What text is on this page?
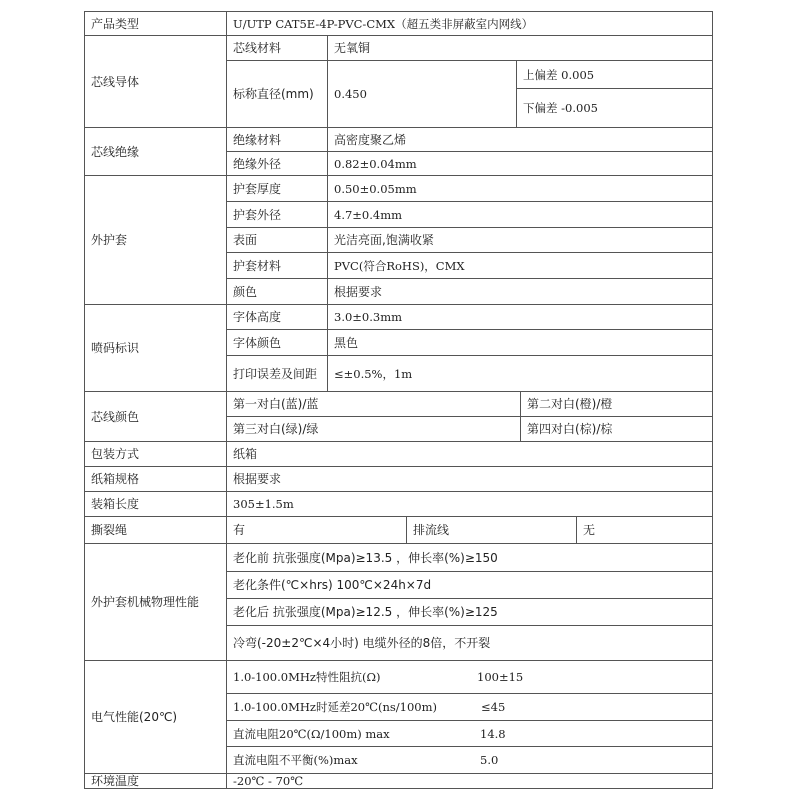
产品类型	U/UTP CAT5E-4P-PVC-CMX（超五类非屏蔽室内网线）
芯线导体
芯线材料	无氧铜
标称直径(mm)	0.450
上偏差 0.005
下偏差 -0.005
芯线绝缘
绝缘材料	高密度聚乙烯
绝缘外径	0.82±0.04mm
外护套
护套厚度	0.50±0.05mm
护套外径	4.7±0.4mm
表面	光洁亮面,饱满收紧
护套材料	PVC(符合RoHS)，CMX
颜色	根据要求
喷码标识
字体高度	3.0±0.3mm
字体颜色	黑色
打印误差及间距	≤±0.5%，1m
芯线颜色
第一对白(蓝)/蓝	第二对白(橙)/橙
第三对白(绿)/绿	第四对白(棕)/棕
包装方式	纸箱
纸箱规格	根据要求
装箱长度	305±1.5m
撕裂绳	有	排流线	无
外护套机械物理性能
老化前 抗张强度(Mpa)≥13.5 ，伸长率(%)≥150
老化条件(℃×hrs) 100℃×24h×7d
老化后 抗张强度(Mpa)≥12.5 ，伸长率(%)≥125
冷弯(-20±2℃×4小时) 电缆外径的8倍，不开裂
电气性能(20℃)
1.0-100.0MHz特性阻抗(Ω)	100±15
1.0-100.0MHz时延差20℃(ns/100m)	≤45
直流电阻20℃(Ω/100m) max	14.8
直流电阻不平衡(%)max	5.0
环境温度	-20℃ - 70℃
